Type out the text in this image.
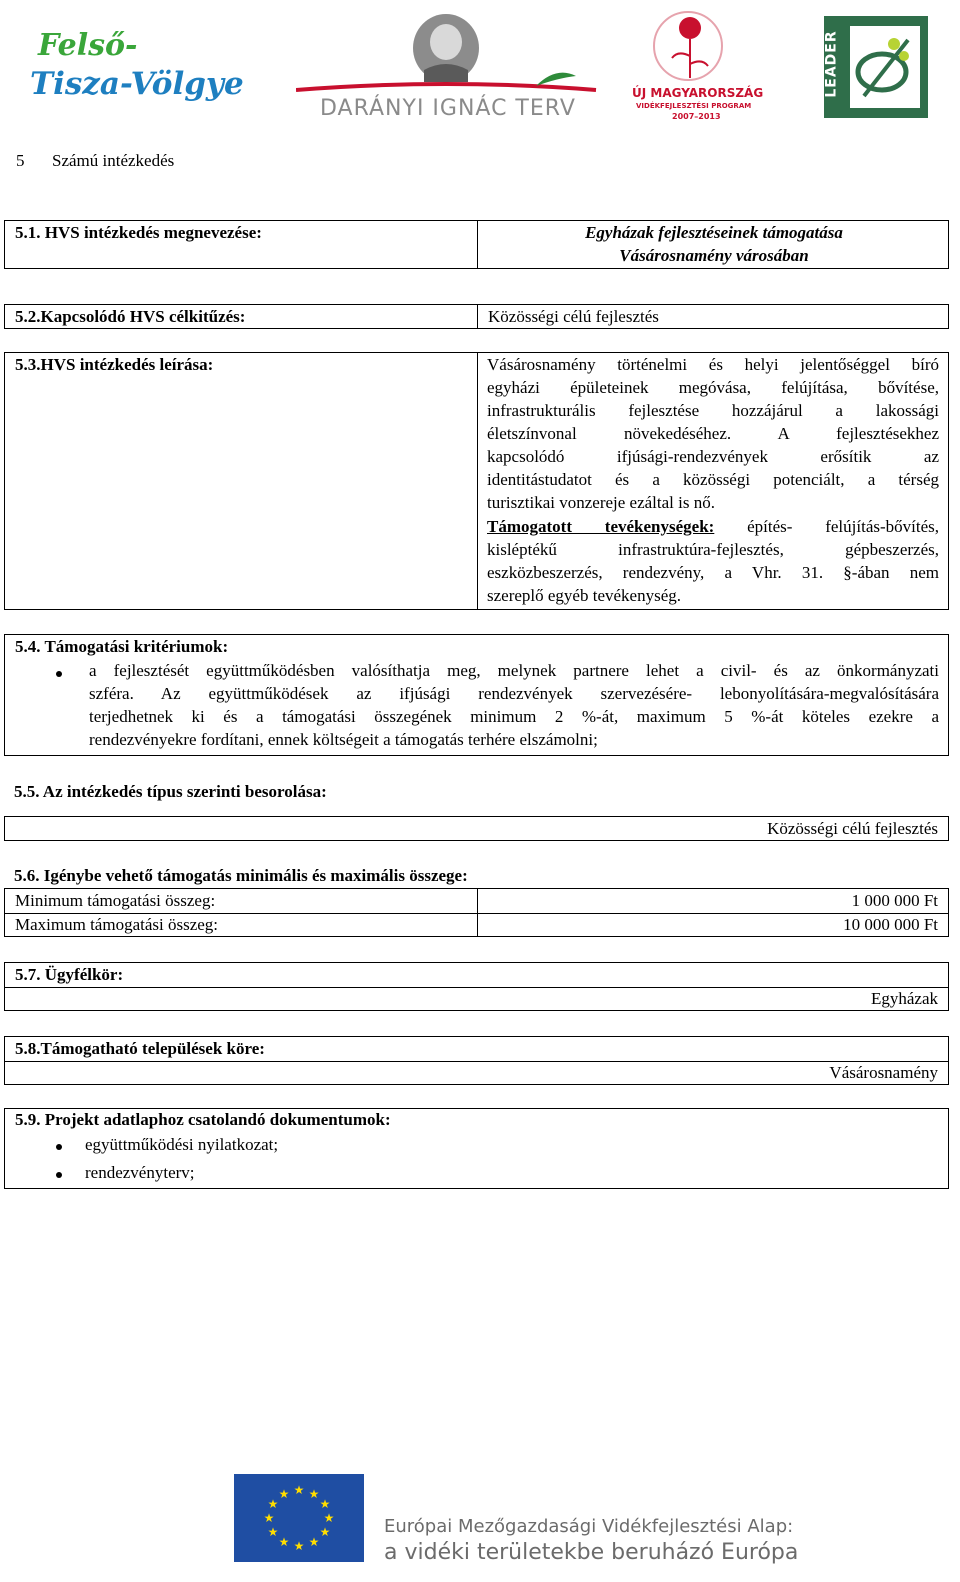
Felső-
Tisza-Völgye
DARÁNYI IGNÁC TERV
ÚJ MAGYARORSZÁG
VIDÉKFEJLESZTÉSI PROGRAM
2007–2013
LEADER
5 Számú intézkedés
5.1. HVS intézkedés megnevezése:	Egyházak fejlesztéseinek támogatása
Vásárosnamény városában
5.2.Kapcsolódó HVS célkitűzés:	Közösségi célú fejlesztés
5.3.HVS intézkedés leírása:	Vásárosnamény történelmi és helyi jelentőséggel bíró
egyházi épületeinek megóvása, felújítása, bővítése,
infrastrukturális fejlesztése hozzájárul a lakossági
életszínvonal növekedéséhez. A fejlesztésekhez
kapcsolódó ifjúsági-rendezvények erősítik az
identitástudatot és a közösségi potenciált, a térség
turisztikai vonzereje ezáltal is nő.
Támogatott tevékenységek: építés- felújítás-bővítés,
kisléptékű infrastruktúra-fejlesztés, gépbeszerzés,
eszközbeszerzés, rendezvény, a Vhr. 31. §-ában nem
szereplő egyéb tevékenység.
5.4. Támogatási kritériumok:
a fejlesztését együttműködésben valósíthatja meg, melynek partnere lehet a civil- és az önkormányzati
szféra. Az együttműködések az ifjúsági rendezvények szervezésére- lebonyolítására-megvalósítására
terjedhetnek ki és a támogatási összegének minimum 2 %-át, maximum 5 %-át köteles ezekre a
rendezvényekre fordítani, ennek költségeit a támogatás terhére elszámolni;
5.5. Az intézkedés típus szerinti besorolása:
Közösségi célú fejlesztés
5.6. Igénybe vehető támogatás minimális és maximális összege:
Minimum támogatási összeg:	1 000 000 Ft
Maximum támogatási összeg:	10 000 000 Ft
5.7. Ügyfélkör:
Egyházak
5.8.Támogatható települések köre:
Vásárosnamény
5.9. Projekt adatlaphoz csatolandó dokumentumok:
együttműködési nyilatkozat;
rendezvényterv;
★ ★
★
★
★
★
★
★
★
★
★
★
Európai Mezőgazdasági Vidékfejlesztési Alap:
a vidéki területekbe beruházó Európa
